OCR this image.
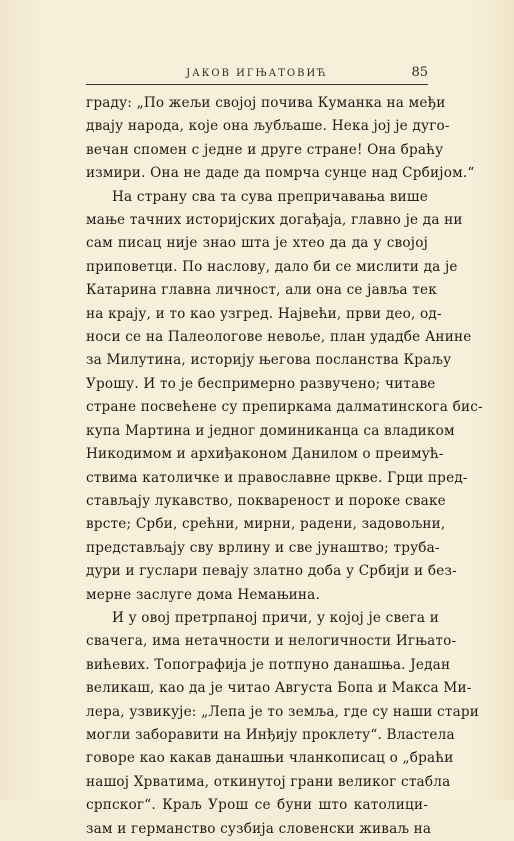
ЈАКОВ ИГЊАТОВИЋ	85
граду: „По жељи својој почива Куманка на међи
двају народа, које она љубљаше. Нека јој је дуго-
вечан спомен с једне и друге стране! Она браћу
измири. Она не даде да помрча сунце над Србијом.“
На страну сва та сува препричавања више
мање тачних историјских догађаја, главно је да ни
сам писац није знао шта је хтео да да у својој
приповетци. По наслову, дало би се мислити да је
Катарина главна личност, али она се јавља тек
на крају, и то као узгред. Највећи, први део, од-
носи се на Палеологове невоље, план удадбе Анине
за Милутина, историју његова посланства Краљу
Урошу. И то је беспримерно развучено; читаве
стране посвећене су препиркама далматинскога бис-
купа Мартина и једног доминиканца са владиком
Никодимом и архиђаконом Данилом о преимућ-
ствима католичке и православне цркве. Грци пред-
стављају лукавство, поквареност и пороке сваке
врсте; Срби, срећни, мирни, радени, задовољни,
представљају сву врлину и све јунаштво; труба-
дури и гуслари певају златно доба у Србији и без-
мерне заслуге дома Немањина.
И у овој претрпаној причи, у којој је свега и
свачега, има нетачности и нелогичности Игњато-
вићевих. Топографија је потпуно данашња. Један
великаш, као да је читао Августа Бопа и Макса Ми-
лера, узвикује: „Лепа је то земља, где су наши стари
могли заборавити на Инђију проклету“. Властела
говоре као какав данашњи чланкописац о „браћи
нашој Хрватима, откинутој грани великог стабла
српског“. Краљ Урош се буни што католици-
зам и германство сузбија словенски живаљ на
